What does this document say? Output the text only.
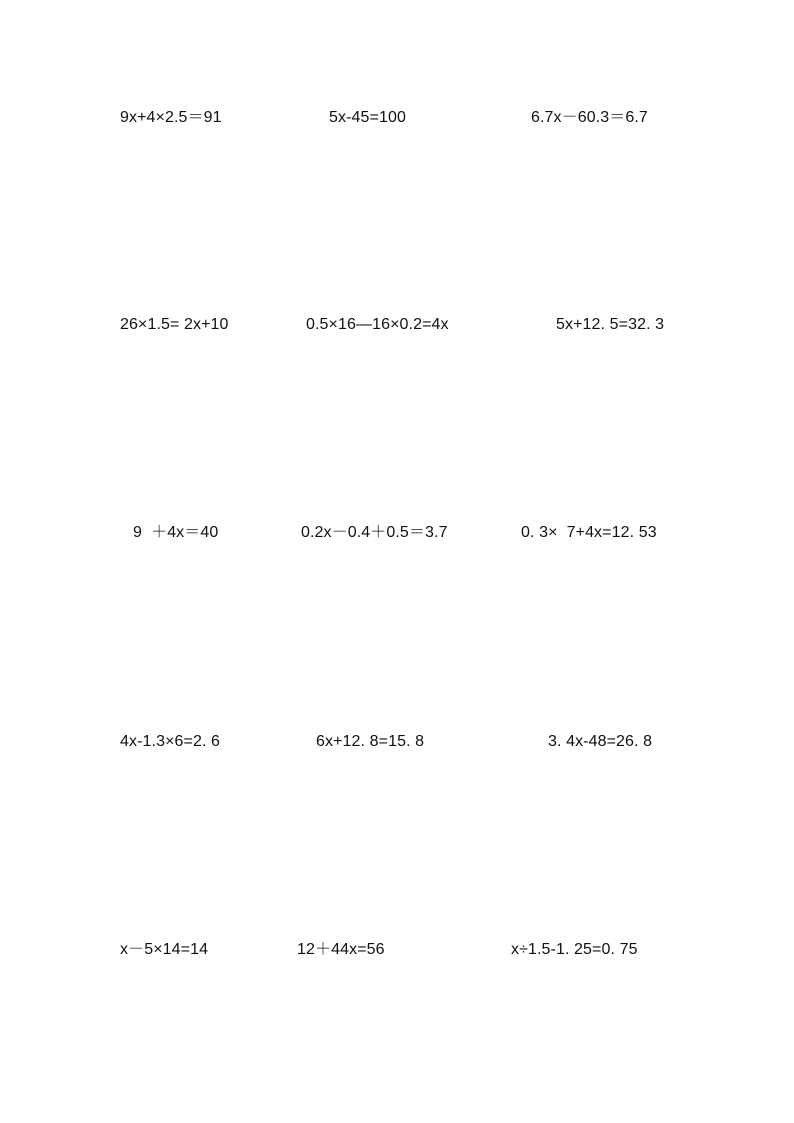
9x+4×2.5＝91	5x-45=100	6.7x－60.3＝6.7
26×1.5= 2x+10	0.5×16—16×0.2=4x	5x+12. 5=32. 3
9  ＋4x＝40	0.2x－0.4＋0.5＝3.7	0. 3×  7+4x=12. 53
4x-1.3×6=2. 6	6x+12. 8=15. 8	3. 4x-48=26. 8
x－5×14=14	12＋44x=56	x÷1.5-1. 25=0. 75
